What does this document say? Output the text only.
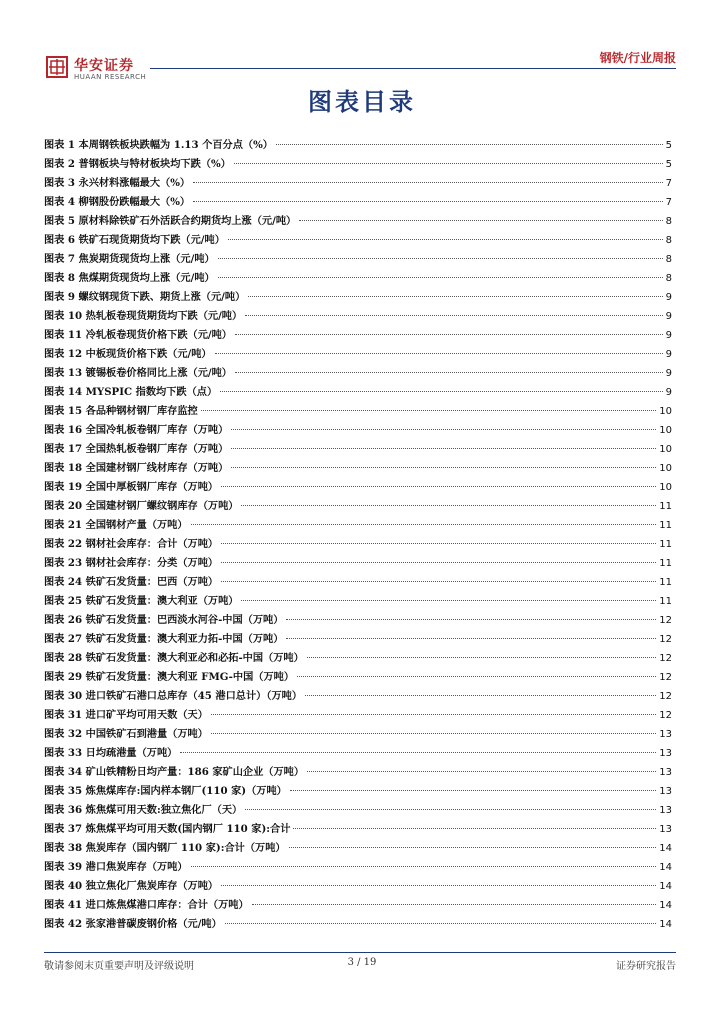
华安证券
HUAAN RESEARCH
钢铁/行业周报
图表目录
图表 1 本周钢铁板块跌幅为 1.13 个百分点（%）	5
图表 2 普钢板块与特材板块均下跌（%）	5
图表 3 永兴材料涨幅最大（%）	7
图表 4 柳钢股份跌幅最大（%）	7
图表 5 原材料除铁矿石外活跃合约期货均上涨（元/吨）	8
图表 6 铁矿石现货期货均下跌（元/吨）	8
图表 7 焦炭期货现货均上涨（元/吨）	8
图表 8 焦煤期货现货均上涨（元/吨）	8
图表 9 螺纹钢现货下跌、期货上涨（元/吨）	9
图表 10 热轧板卷现货期货均下跌（元/吨）	9
图表 11 冷轧板卷现货价格下跌（元/吨）	9
图表 12 中板现货价格下跌（元/吨）	9
图表 13 镀锡板卷价格同比上涨（元/吨）	9
图表 14 MYSPIC 指数均下跌（点）	9
图表 15 各品种钢材钢厂库存监控	10
图表 16 全国冷轧板卷钢厂库存（万吨）	10
图表 17 全国热轧板卷钢厂库存（万吨）	10
图表 18 全国建材钢厂线材库存（万吨）	10
图表 19 全国中厚板钢厂库存（万吨）	10
图表 20 全国建材钢厂螺纹钢库存（万吨）	11
图表 21 全国钢材产量（万吨）	11
图表 22 钢材社会库存：合计（万吨）	11
图表 23 钢材社会库存：分类（万吨）	11
图表 24 铁矿石发货量：巴西（万吨）	11
图表 25 铁矿石发货量：澳大利亚（万吨）	11
图表 26 铁矿石发货量：巴西淡水河谷-中国（万吨）	12
图表 27 铁矿石发货量：澳大利亚力拓-中国（万吨）	12
图表 28 铁矿石发货量：澳大利亚必和必拓-中国（万吨）	12
图表 29 铁矿石发货量：澳大利亚 FMG-中国（万吨）	12
图表 30 进口铁矿石港口总库存（45 港口总计）（万吨）	12
图表 31 进口矿平均可用天数（天）	12
图表 32 中国铁矿石到港量（万吨）	13
图表 33 日均疏港量（万吨）	13
图表 34 矿山铁精粉日均产量：186 家矿山企业（万吨）	13
图表 35 炼焦煤库存:国内样本钢厂(110 家)（万吨）	13
图表 36 炼焦煤可用天数:独立焦化厂（天）	13
图表 37 炼焦煤平均可用天数(国内钢厂 110 家):合计	13
图表 38 焦炭库存（国内钢厂 110 家):合计（万吨）	14
图表 39 港口焦炭库存（万吨）	14
图表 40 独立焦化厂焦炭库存（万吨）	14
图表 41 进口炼焦煤港口库存：合计（万吨）	14
图表 42 张家港普碳废钢价格（元/吨）	14
敬请参阅末页重要声明及评级说明	3 / 19	证券研究报告
